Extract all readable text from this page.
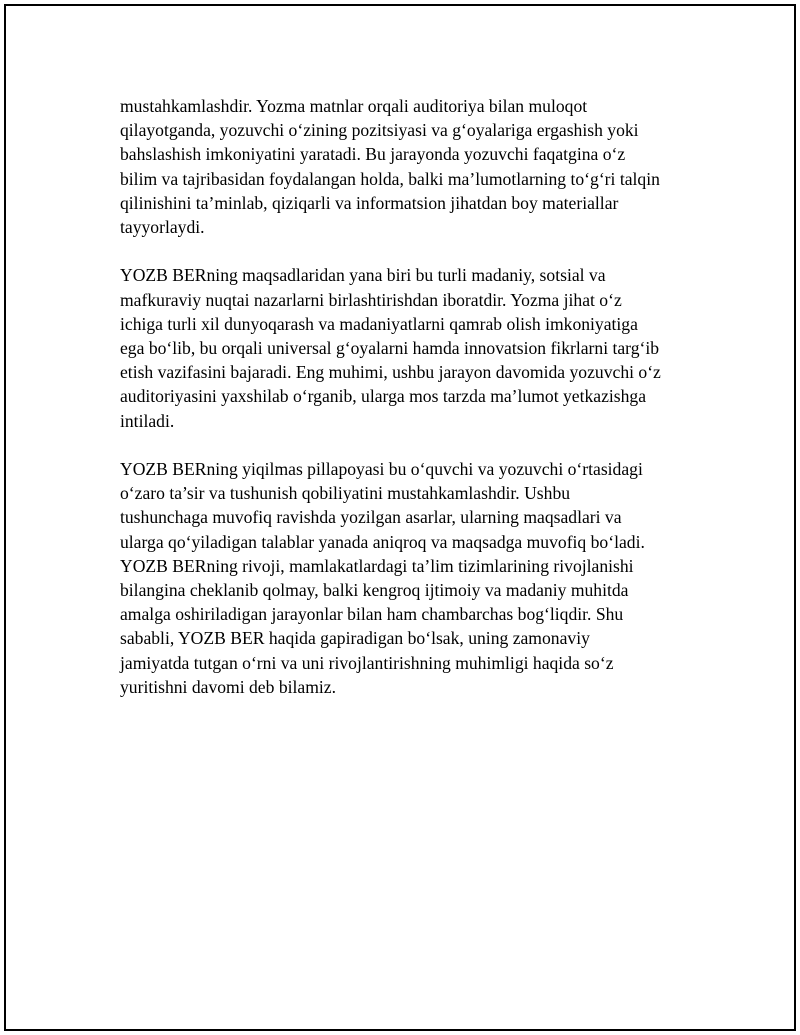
mustahkamlashdir. Yozma matnlar orqali auditoriya bilan muloqot
qilayotganda, yozuvchi o‘zining pozitsiyasi va g‘oyalariga ergashish yoki
bahslashish imkoniyatini yaratadi. Bu jarayonda yozuvchi faqatgina o‘z
bilim va tajribasidan foydalangan holda, balki ma’lumotlarning to‘g‘ri talqin
qilinishini ta’minlab, qiziqarli va informatsion jihatdan boy materiallar
tayyorlaydi.

YOZB BERning maqsadlaridan yana biri bu turli madaniy, sotsial va
mafkuraviy nuqtai nazarlarni birlashtirishdan iboratdir. Yozma jihat o‘z
ichiga turli xil dunyoqarash va madaniyatlarni qamrab olish imkoniyatiga
ega bo‘lib, bu orqali universal g‘oyalarni hamda innovatsion fikrlarni targ‘ib
etish vazifasini bajaradi. Eng muhimi, ushbu jarayon davomida yozuvchi o‘z
auditoriyasini yaxshilab o‘rganib, ularga mos tarzda ma’lumot yetkazishga
intiladi.

YOZB BERning yiqilmas pillapoyasi bu o‘quvchi va yozuvchi o‘rtasidagi
o‘zaro ta’sir va tushunish qobiliyatini mustahkamlashdir. Ushbu
tushunchaga muvofiq ravishda yozilgan asarlar, ularning maqsadlari va
ularga qo‘yiladigan talablar yanada aniqroq va maqsadga muvofiq bo‘ladi.
YOZB BERning rivoji, mamlakatlardagi ta’lim tizimlarining rivojlanishi
bilangina cheklanib qolmay, balki kengroq ijtimoiy va madaniy muhitda
amalga oshiriladigan jarayonlar bilan ham chambarchas bog‘liqdir. Shu
sababli, YOZB BER haqida gapiradigan bo‘lsak, uning zamonaviy
jamiyatda tutgan o‘rni va uni rivojlantirishning muhimligi haqida so‘z
yuritishni davomi deb bilamiz.
